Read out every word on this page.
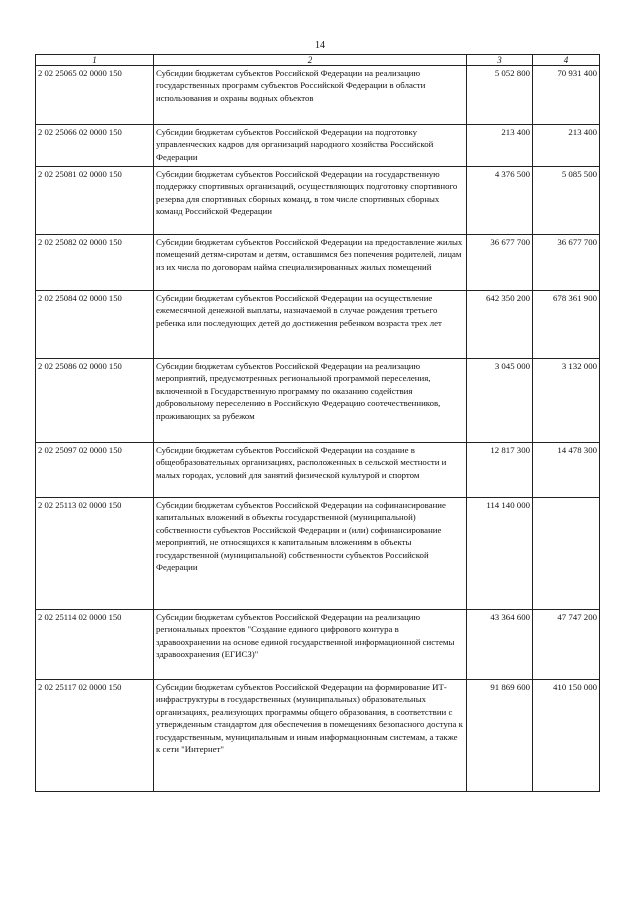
14
1	2	3	4
2 02 25065 02 0000 150	Субсидии бюджетам субъектов Российской Федерации на реализацию государственных программ субъектов Российской Федерации в области использования и охраны водных объектов	5 052 800	70 931 400
2 02 25066 02 0000 150	Субсидии бюджетам субъектов Российской Федерации на подготовку управленческих кадров для организаций народного хозяйства Российской Федерации	213 400	213 400
2 02 25081 02 0000 150	Субсидии бюджетам субъектов Российской Федерации на государственную поддержку спортивных организаций, осуществляющих подготовку спортивного резерва для спортивных сборных команд, в том числе спортивных сборных команд Российской Федерации	4 376 500	5 085 500
2 02 25082 02 0000 150	Субсидии бюджетам субъектов Российской Федерации на предоставление жилых помещений детям-сиротам и детям, оставшимся без попечения родителей, лицам из их числа по договорам найма специализированных жилых помещений	36 677 700	36 677 700
2 02 25084 02 0000 150	Субсидии бюджетам субъектов Российской Федерации на осуществление ежемесячной денежной выплаты, назначаемой в случае рождения третьего ребенка или последующих детей до достижения ребенком возраста трех лет	642 350 200	678 361 900
2 02 25086 02 0000 150	Субсидии бюджетам субъектов Российской Федерации на реализацию мероприятий, предусмотренных региональной программой переселения, включенной в Государственную программу по оказанию содействия добровольному переселению в Российскую Федерацию соотечественников, проживающих за рубежом	3 045 000	3 132 000
2 02 25097 02 0000 150	Субсидии бюджетам субъектов Российской Федерации на создание в общеобразовательных организациях, расположенных в сельской местности и малых городах, условий для занятий физической культурой и спортом	12 817 300	14 478 300
2 02 25113 02 0000 150	Субсидии бюджетам субъектов Российской Федерации на софинансирование капитальных вложений в объекты государственной (муниципальной) собственности субъектов Российской Федерации и (или) софинансирование мероприятий, не относящихся к капитальным вложениям в объекты государственной (муниципальной) собственности субъектов Российской Федерации	114 140 000	
2 02 25114 02 0000 150	Субсидии бюджетам субъектов Российской Федерации на реализацию региональных проектов "Создание единого цифрового контура в здравоохранении на основе единой государственной информационной системы здравоохранения (ЕГИСЗ)"	43 364 600	47 747 200
2 02 25117 02 0000 150	Субсидии бюджетам субъектов Российской Федерации на формирование ИТ-инфраструктуры в государственных (муниципальных) образовательных организациях, реализующих программы общего образования, в соответствии с утвержденным стандартом для обеспечения в помещениях безопасного доступа к государственным, муниципальным и иным информационным системам, а также к сети "Интернет"	91 869 600	410 150 000
